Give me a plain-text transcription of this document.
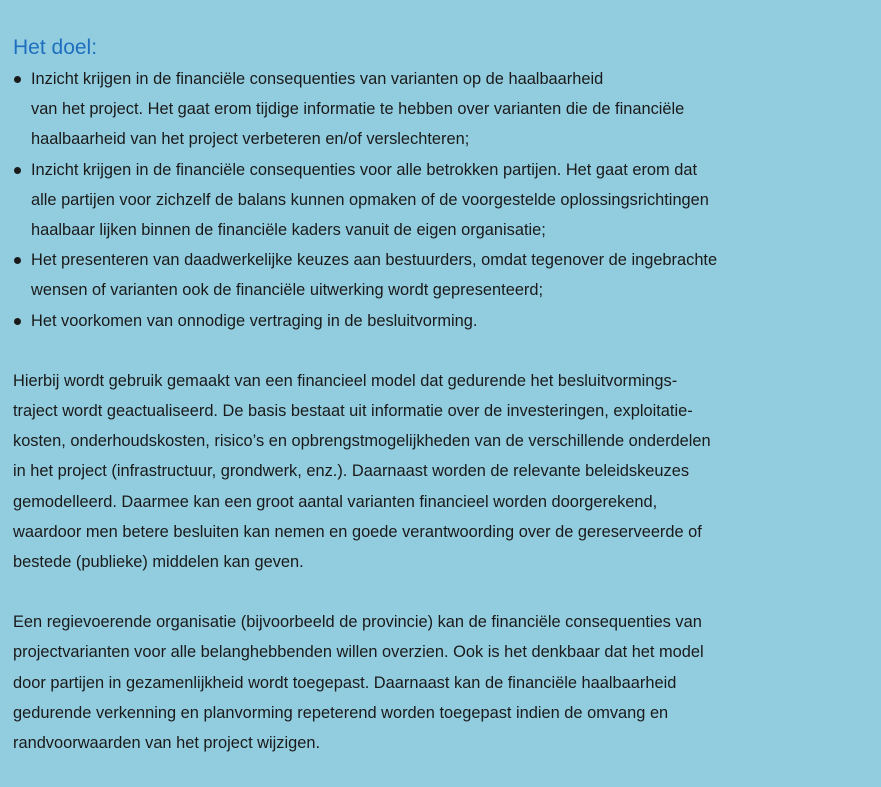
Het doel:
Inzicht krijgen in de financiële consequenties van varianten op de haalbaarheid
van het project. Het gaat erom tijdige informatie te hebben over varianten die de financiële
haalbaarheid van het project verbeteren en/of verslechteren;
Inzicht krijgen in de financiële consequenties voor alle betrokken partijen. Het gaat erom dat
alle partijen voor zichzelf de balans kunnen opmaken of de voorgestelde oplossingsrichtingen
haalbaar lijken binnen de financiële kaders vanuit de eigen organisatie;
Het presenteren van daadwerkelijke keuzes aan bestuurders, omdat tegenover de ingebrachte
wensen of varianten ook de financiële uitwerking wordt gepresenteerd;
Het voorkomen van onnodige vertraging in de besluitvorming.
Hierbij wordt gebruik gemaakt van een financieel model dat gedurende het besluitvormings-
traject wordt geactualiseerd. De basis bestaat uit informatie over de investeringen, exploitatie-
kosten, onderhoudskosten, risico’s en opbrengstmogelijkheden van de verschillende onderdelen
in het project (infrastructuur, grondwerk, enz.). Daarnaast worden de relevante beleidskeuzes
gemodelleerd. Daarmee kan een groot aantal varianten financieel worden doorgerekend,
waardoor men betere besluiten kan nemen en goede verantwoording over de gereserveerde of
bestede (publieke) middelen kan geven.
Een regievoerende organisatie (bijvoorbeeld de provincie) kan de financiële consequenties van
projectvarianten voor alle belanghebbenden willen overzien. Ook is het denkbaar dat het model
door partijen in gezamenlijkheid wordt toegepast. Daarnaast kan de financiële haalbaarheid
gedurende verkenning en planvorming repeterend worden toegepast indien de omvang en
randvoorwaarden van het project wijzigen.
